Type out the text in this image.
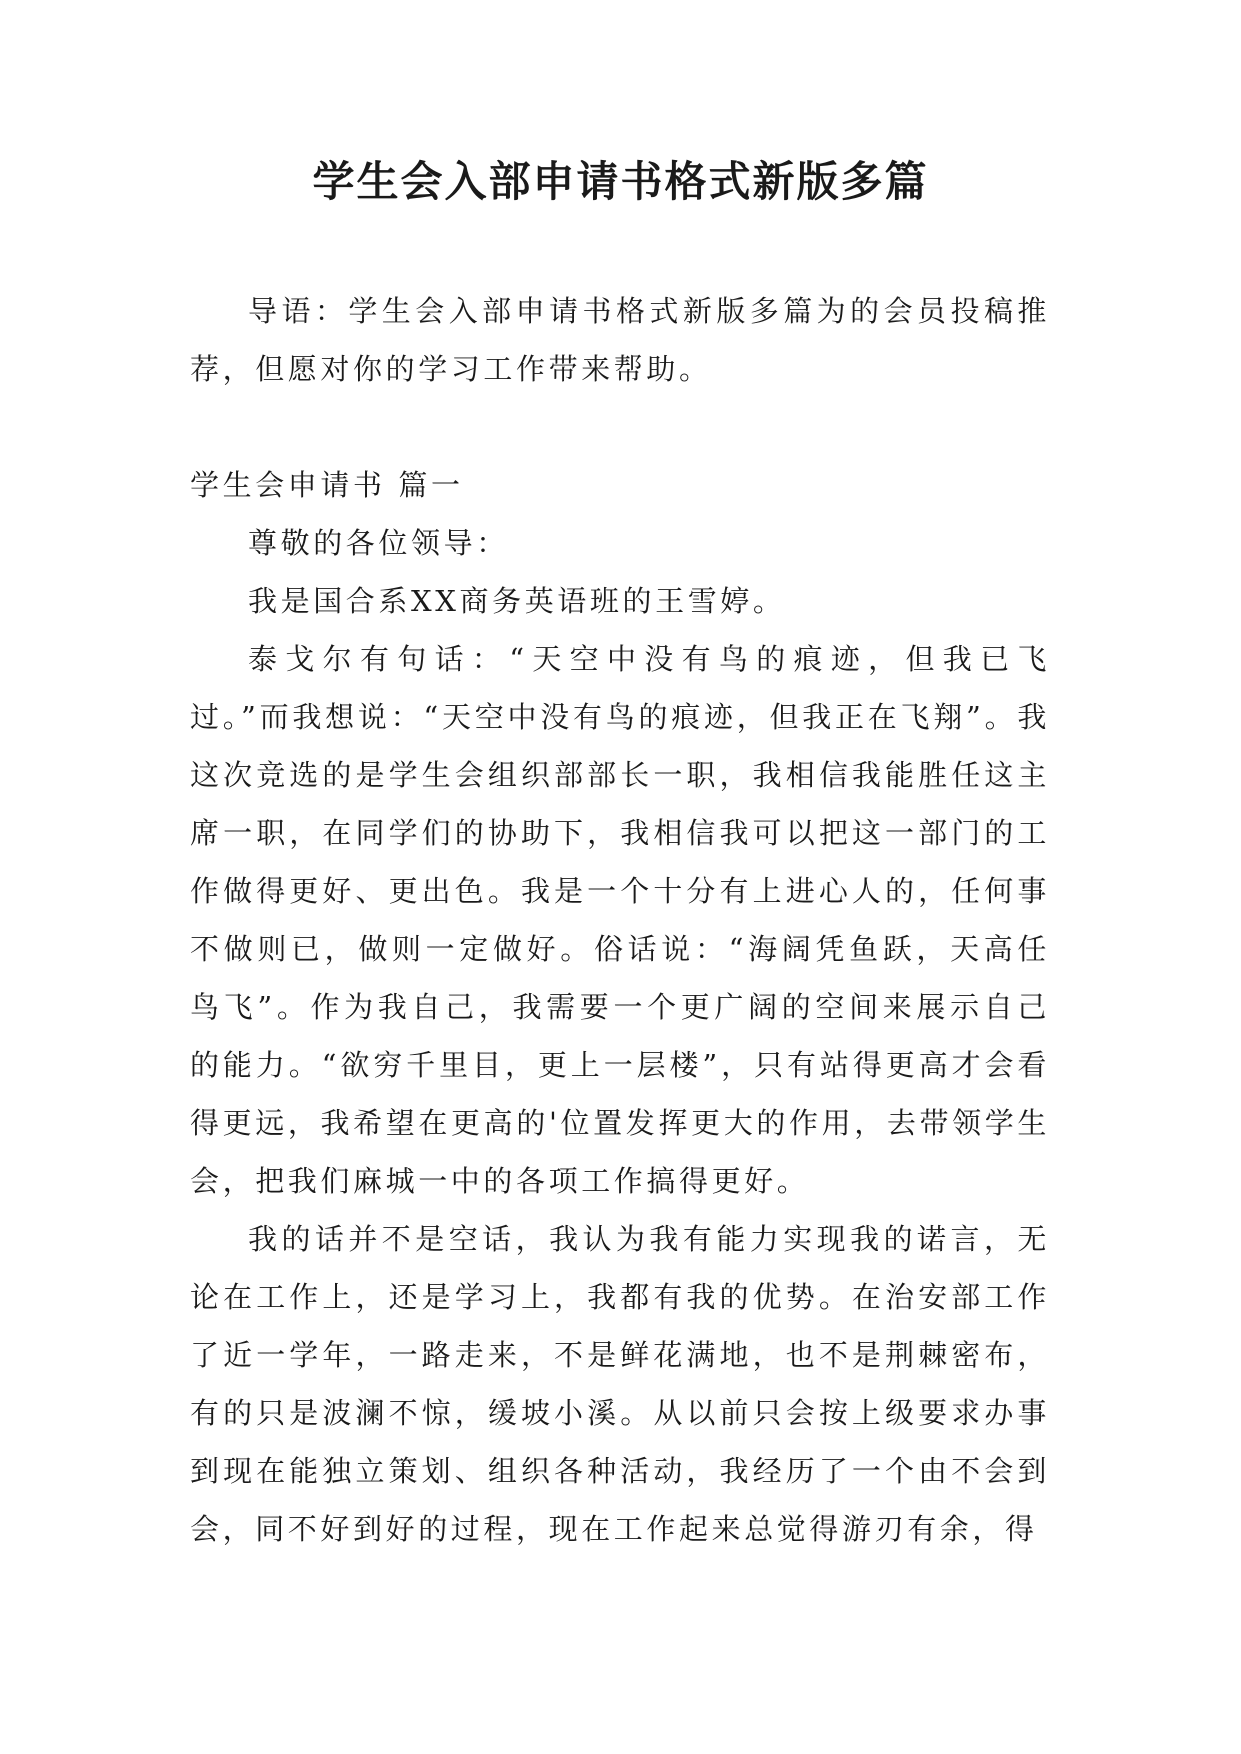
学生会入部申请书格式新版多篇

导语：学生会入部申请书格式新版多篇为的会员投稿推荐，但愿对你的学习工作带来帮助。

学生会申请书 篇一

尊敬的各位领导：

我是国合系XX商务英语班的王雪婷。

泰戈尔有句话：“天空中没有鸟的痕迹，但我已飞过。”而我想说：“天空中没有鸟的痕迹，但我正在飞翔”。我这次竞选的是学生会组织部部长一职，我相信我能胜任这主席一职，在同学们的协助下，我相信我可以把这一部门的工作做得更好、更出色。我是一个十分有上进心人的，任何事不做则已，做则一定做好。俗话说：“海阔凭鱼跃，天高任鸟飞”。作为我自己，我需要一个更广阔的空间来展示自己的能力。“欲穷千里目，更上一层楼”，只有站得更高才会看得更远，我希望在更高的'位置发挥更大的作用，去带领学生会，把我们麻城一中的各项工作搞得更好。

我的话并不是空话，我认为我有能力实现我的诺言，无论在工作上，还是学习上，我都有我的优势。在治安部工作了近一学年，一路走来，不是鲜花满地，也不是荆棘密布，有的只是波澜不惊，缓坡小溪。从以前只会按上级要求办事到现在能独立策划、组织各种活动，我经历了一个由不会到会，同不好到好的过程，现在工作起来总觉得游刃有余，得
